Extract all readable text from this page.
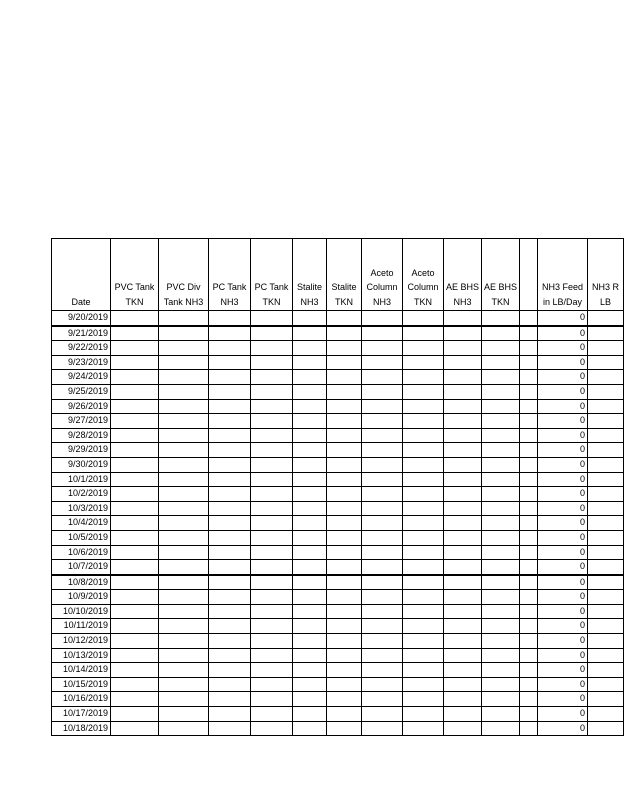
Date	PVC Tank TKN	PVC Div Tank NH3	PC Tank NH3	PC Tank TKN	Stalite NH3	Stalite TKN	Aceto Column NH3	Aceto Column TKN	AE BHS NH3	AE BHS TKN		NH3 Feed in LB/Day	NH3 R LB
9/20/2019												0	
9/21/2019												0	
9/22/2019												0	
9/23/2019												0	
9/24/2019												0	
9/25/2019												0	
9/26/2019												0	
9/27/2019												0	
9/28/2019												0	
9/29/2019												0	
9/30/2019												0	
10/1/2019												0	
10/2/2019												0	
10/3/2019												0	
10/4/2019												0	
10/5/2019												0	
10/6/2019												0	
10/7/2019												0	
10/8/2019												0	
10/9/2019												0	
10/10/2019												0	
10/11/2019												0	
10/12/2019												0	
10/13/2019												0	
10/14/2019												0	
10/15/2019												0	
10/16/2019												0	
10/17/2019												0	
10/18/2019												0	
